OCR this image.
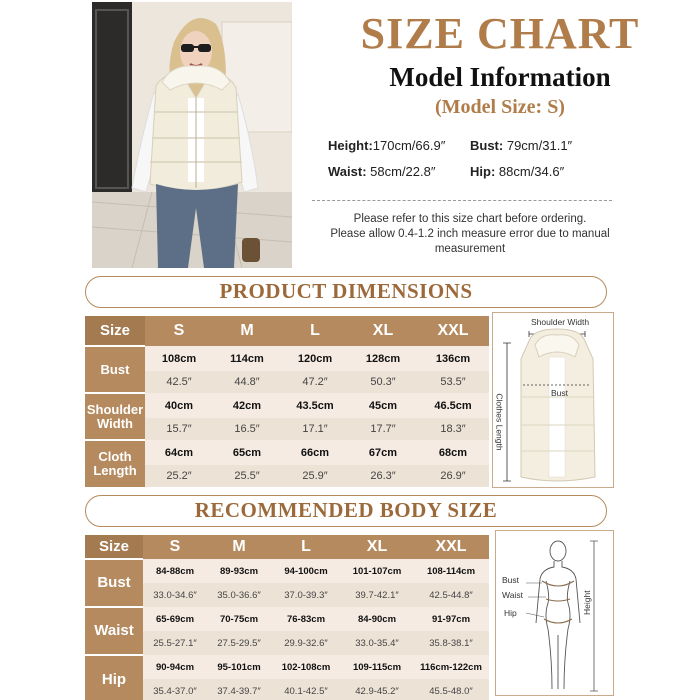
SIZE CHART
Model Information
(Model Size: S)
Height:170cm/66.9″ Bust: 79cm/31.1″
Waist: 58cm/22.8″	Hip: 88cm/34.6″
Please refer to this size chart before ordering.
Please allow 0.4-1.2 inch measure error due to manual
measurement
PRODUCT DIMENSIONS
Size	S	M	L	XL	XXL
Bust	108cm	114cm	120cm	128cm	136cm
	42.5″	44.8″	47.2″	50.3″	53.5″
Shoulder
Width	40cm	42cm	43.5cm	45cm	46.5cm
	15.7″	16.5″	17.1″	17.7″	18.3″
Cloth
Length	64cm	65cm	66cm	67cm	68cm
	25.2″	25.5″	25.9″	26.3″	26.9″
Shoulder Width
Bust
Clothes Length
RECOMMENDED BODY SIZE
Size	S	M	L	XL	XXL
Bust	84-88cm	89-93cm	94-100cm	101-107cm	108-114cm
	33.0-34.6″	35.0-36.6″	37.0-39.3″	39.7-42.1″	42.5-44.8″
Waist	65-69cm	70-75cm	76-83cm	84-90cm	91-97cm
	25.5-27.1″	27.5-29.5″	29.9-32.6″	33.0-35.4″	35.8-38.1″
Hip	90-94cm	95-101cm	102-108cm	109-115cm	116cm-122cm
	35.4-37.0″	37.4-39.7″	40.1-42.5″	42.9-45.2″	45.5-48.0″
Bust
Waist
Hip	Height
